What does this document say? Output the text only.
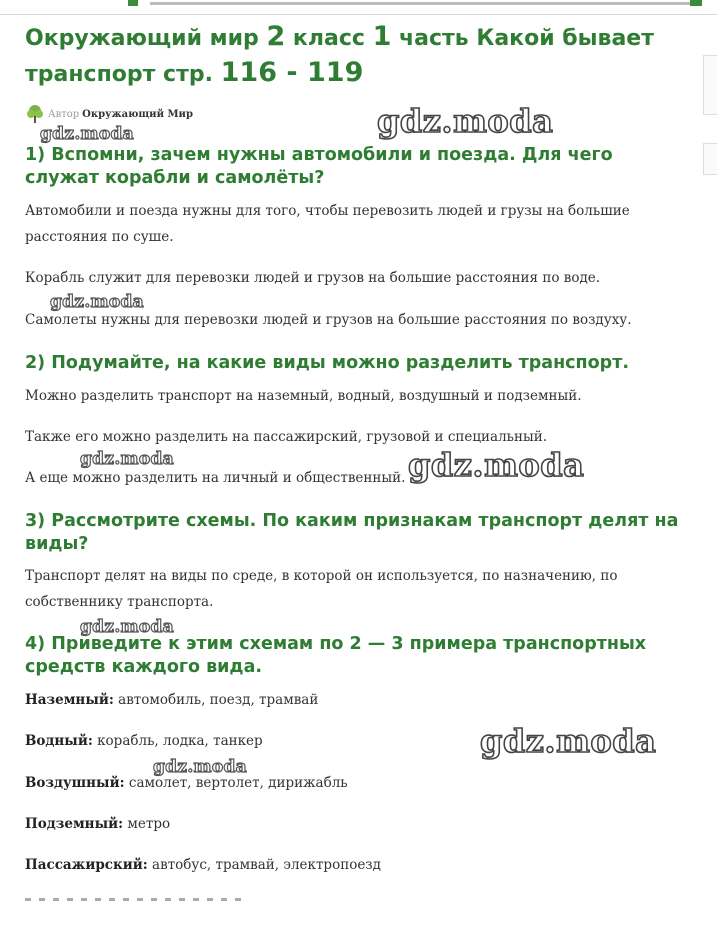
Окружающий мир 2 класс 1 часть Какой бывает транспорт стр. 116 - 119
Автор Окружающий Мир
1) Вспомни, зачем нужны автомобили и поезда. Для чего служат корабли и самолёты?

Автомобили и поезда нужны для того, чтобы перевозить людей и грузы на большие расстояния по суше.

Корабль служит для перевозки людей и грузов на большие расстояния по воде.

Самолеты нужны для перевозки людей и грузов на большие расстояния по воздуху.

2) Подумайте, на какие виды можно разделить транспорт.

Можно разделить транспорт на наземный, водный, воздушный и подземный.

Также его можно разделить на пассажирский, грузовой и специальный.

А еще можно разделить на личный и общественный.

3) Рассмотрите схемы. По каким признакам транспорт делят на виды?

Транспорт делят на виды по среде, в которой он используется, по назначению, по собственнику транспорта.

4) Приведите к этим схемам по 2 — 3 примера транспортных средств каждого вида.

Наземный: автомобиль, поезд, трамвай

Водный: корабль, лодка, танкер

Воздушный: самолет, вертолет, дирижабль

Подземный: метро

Пассажирский: автобус, трамвай, электропоезд

gdz.moda	gdz.moda
gdz.moda
gdz.moda	gdz.moda
gdz.moda
gdz.moda
gdz.moda
